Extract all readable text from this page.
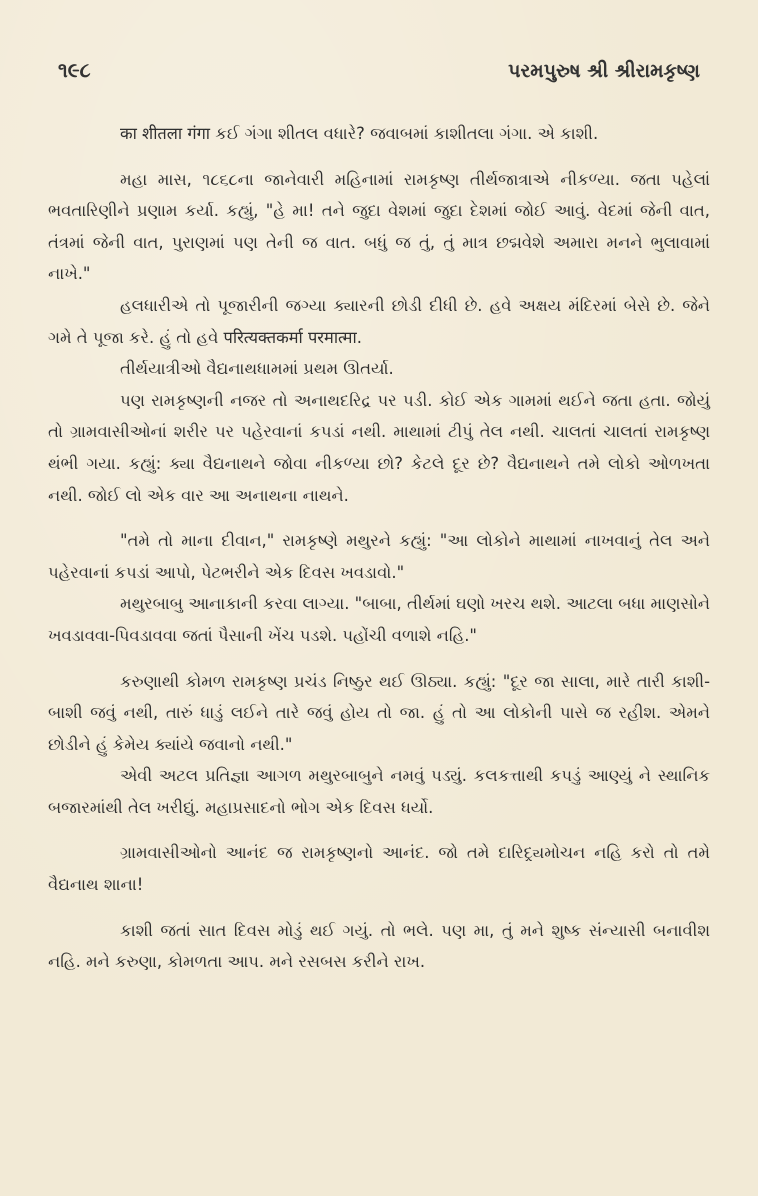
૧૯૮	પરમપુરુષ શ્રી શ્રીરામકૃષ્ણ

का शीतला गंगा કઈ ગંગા શીતલ વધારે? જવાબમાં કાશીતલા ગંગા. એ કાશી.

મહા માસ, ૧૮૬૮ના જાનેવારી મહિનામાં રામકૃષ્ણ તીર્થજાત્રાએ નીકળ્યા. જતા પહેલાં ભવતારિણીને પ્રણામ કર્યા. કહ્યું, "હે મા! તને જુદા વેશમાં જુદા દેશમાં જોઈ આવું. વેદમાં જેની વાત, તંત્રમાં જેની વાત, પુરાણમાં પણ તેની જ વાત. બધું જ તું, તું માત્ર છદ્મવેશે અમારા મનને ભુલાવામાં નાખે."

હલધારીએ તો પૂજારીની જગ્યા ક્યારની છોડી દીધી છે. હવે અક્ષય મંદિરમાં બેસે છે. જેને ગમે તે પૂજા કરે. હું તો હવે परित्यक्तकर्मा परमात्मा.

તીર્થયાત્રીઓ વૈદ્યનાથધામમાં પ્રથમ ઊતર્યા.

પણ રામકૃષ્ણની નજર તો અનાથદરિદ્ર પર પડી. કોઈ એક ગામમાં થઈને જતા હતા. જોયું તો ગ્રામવાસીઓનાં શરીર પર પહેરવાનાં કપડાં નથી. માથામાં ટીપું તેલ નથી. ચાલતાં ચાલતાં રામકૃષ્ણ થંભી ગયા. કહ્યું: ક્યા વૈદ્યનાથને જોવા નીકળ્યા છો? કેટલે દૂર છે? વૈદ્યનાથને તમે લોકો ઓળખતા નથી. જોઈ લો એક વાર આ અનાથના નાથને.

"તમે તો માના દીવાન," રામકૃષ્ણે મથુરને કહ્યું: "આ લોકોને માથામાં નાખવાનું તેલ અને પહેરવાનાં કપડાં આપો, પેટભરીને એક દિવસ ખવડાવો."

મથુરબાબુ આનાકાની કરવા લાગ્યા. "બાબા, તીર્થમાં ઘણો ખરચ થશે. આટલા બધા માણસોને ખવડાવવા-પિવડાવવા જતાં પૈસાની ખેંચ પડશે. પહોંચી વળાશે નહિ."

કરુણાથી કોમળ રામકૃષ્ણ પ્રચંડ નિષ્ઠુર થઈ ઊઠ્યા. કહ્યું: "દૂર જા સાલા, મારે તારી કાશી-બાશી જવું નથી, તારું ધાડું લઈને તારે જવું હોય તો જા. હું તો આ લોકોની પાસે જ રહીશ. એમને છોડીને હું કેમેય ક્યાંયે જવાનો નથી."

એવી અટલ પ્રતિજ્ઞા આગળ મથુરબાબુને નમવું પડ્યું. કલકત્તાથી કપડું આણ્યું ને સ્થાનિક બજારમાંથી તેલ ખરીદ્યું. મહાપ્રસાદનો ભોગ એક દિવસ ધર્યો.

ગ્રામવાસીઓનો આનંદ જ રામકૃષ્ણનો આનંદ. જો તમે દારિદ્ર્યમોચન નહિ કરો તો તમે વૈદ્યનાથ શાના!

કાશી જતાં સાત દિવસ મોડું થઈ ગયું. તો ભલે. પણ મા, તું મને શુષ્ક સંન્યાસી બનાવીશ નહિ. મને કરુણા, કોમળતા આપ. મને રસબસ કરીને રાખ.
